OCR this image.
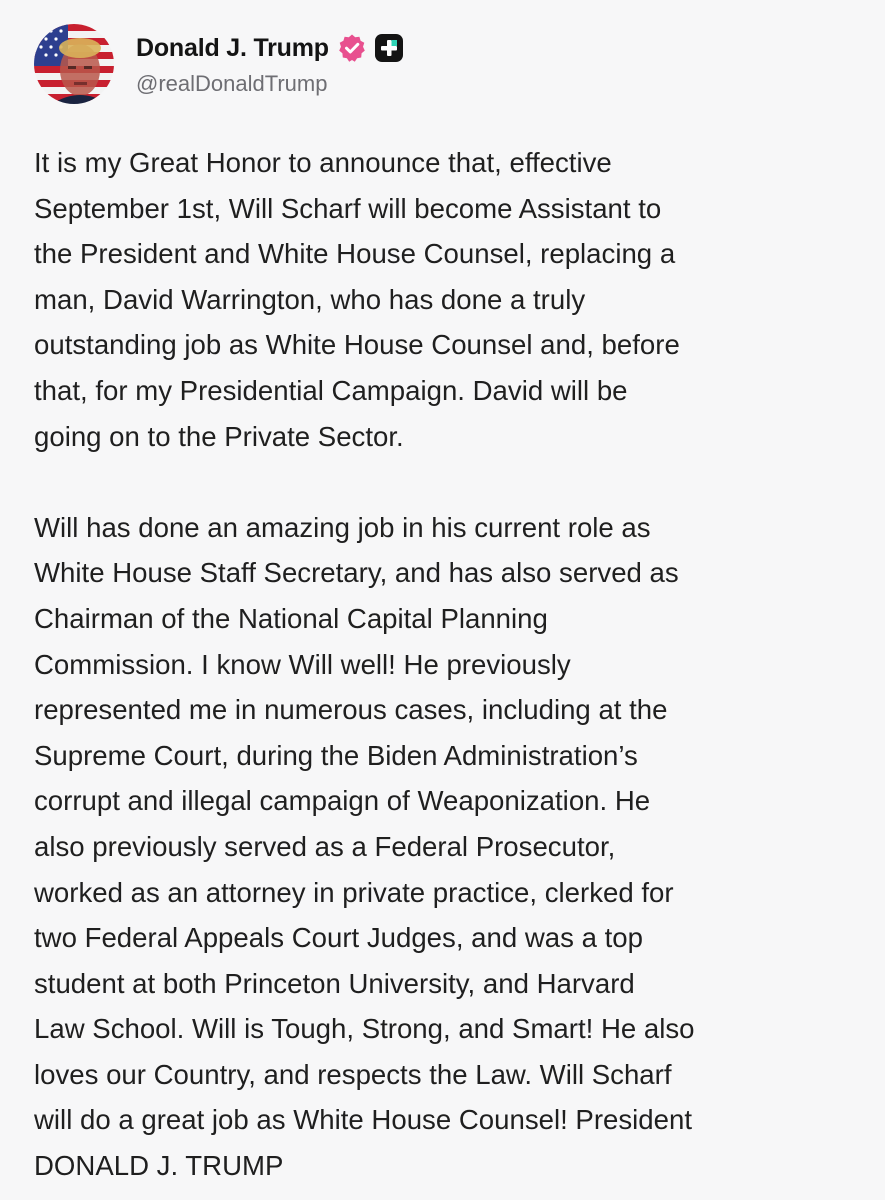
Donald J. Trump
@realDonaldTrump

It is my Great Honor to announce that, effective
September 1st, Will Scharf will become Assistant to
the President and White House Counsel, replacing a
man, David Warrington, who has done a truly
outstanding job as White House Counsel and, before
that, for my Presidential Campaign. David will be
going on to the Private Sector.

Will has done an amazing job in his current role as
White House Staff Secretary, and has also served as
Chairman of the National Capital Planning
Commission. I know Will well! He previously
represented me in numerous cases, including at the
Supreme Court, during the Biden Administration’s
corrupt and illegal campaign of Weaponization. He
also previously served as a Federal Prosecutor,
worked as an attorney in private practice, clerked for
two Federal Appeals Court Judges, and was a top
student at both Princeton University, and Harvard
Law School. Will is Tough, Strong, and Smart! He also
loves our Country, and respects the Law. Will Scharf
will do a great job as White House Counsel! President
DONALD J. TRUMP
